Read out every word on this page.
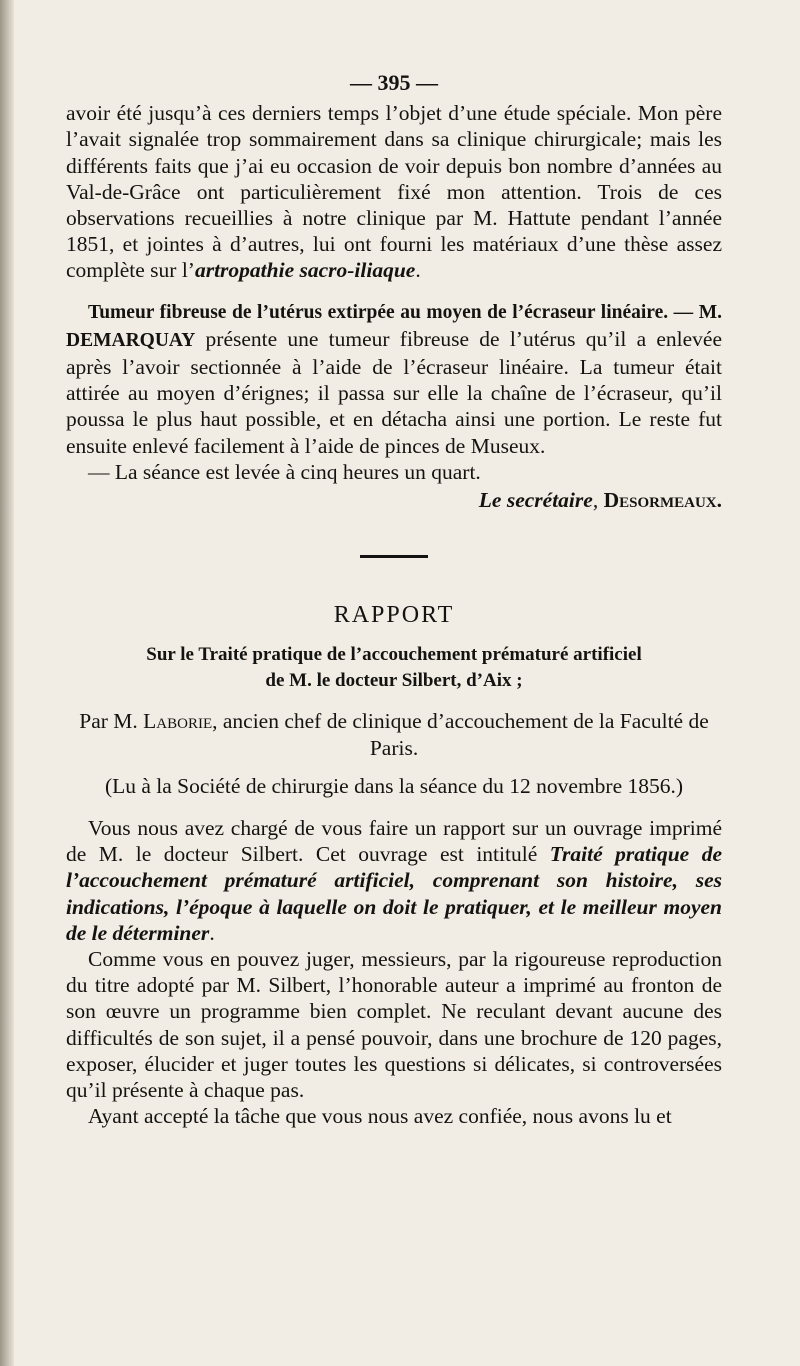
— 395 —

avoir été jusqu’à ces derniers temps l’objet d’une étude spéciale. Mon père l’avait signalée trop sommairement dans sa clinique chirurgicale; mais les différents faits que j’ai eu occasion de voir depuis bon nombre d’années au Val-de-Grâce ont particulièrement fixé mon attention. Trois de ces observations recueillies à notre clinique par M. Hattute pendant l’année 1851, et jointes à d’autres, lui ont fourni les matériaux d’une thèse assez complète sur l’artropathie sacro-iliaque.

Tumeur fibreuse de l’utérus extirpée au moyen de l’écraseur linéaire. — M. DEMARQUAY présente une tumeur fibreuse de l’utérus qu’il a enlevée après l’avoir sectionnée à l’aide de l’écraseur linéaire. La tumeur était attirée au moyen d’érignes; il passa sur elle la chaîne de l’écraseur, qu’il poussa le plus haut possible, et en détacha ainsi une portion. Le reste fut ensuite enlevé facilement à l’aide de pinces de Museux.

— La séance est levée à cinq heures un quart.

Le secrétaire, Desormeaux.

RAPPORT
Sur le Traité pratique de l’accouchement prématuré artificiel
de M. le docteur Silbert, d’Aix ;
Par M. Laborie, ancien chef de clinique d’accouchement de la Faculté de Paris.
(Lu à la Société de chirurgie dans la séance du 12 novembre 1856.)

Vous nous avez chargé de vous faire un rapport sur un ouvrage imprimé de M. le docteur Silbert. Cet ouvrage est intitulé Traité pratique de l’accouchement prématuré artificiel, comprenant son histoire, ses indications, l’époque à laquelle on doit le pratiquer, et le meilleur moyen de le déterminer.

Comme vous en pouvez juger, messieurs, par la rigoureuse reproduction du titre adopté par M. Silbert, l’honorable auteur a imprimé au fronton de son œuvre un programme bien complet. Ne reculant devant aucune des difficultés de son sujet, il a pensé pouvoir, dans une brochure de 120 pages, exposer, élucider et juger toutes les questions si délicates, si controversées qu’il présente à chaque pas.

Ayant accepté la tâche que vous nous avez confiée, nous avons lu et
